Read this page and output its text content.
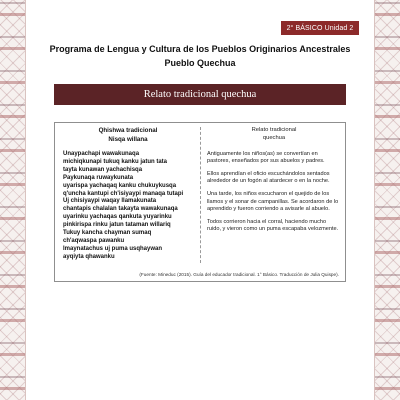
2° BÁSICO Unidad 2
Programa de Lengua y Cultura de los Pueblos Originarios Ancestrales
Pueblo Quechua
Relato tradicional quechua
Qhishwa tradicional
Nisqa willana
Unaypachapi wawakunaqa
michiqkunapi tukuq kanku jatun tata
tayta kunawan yachachisqa
Paykunaqa ruwaykunata
uyarispa yachaqaq kanku chukuykusqa
q'uncha kantupi ch'isiyaypi manaqa tutapi
Uj chisiyaypi waqay llamakunata
chantapis chalalan takayta wawakunaqa
uyarinku yachaqas qankuta yuyarinku
pinkirispa rinku jatun tataman willariq
Tukuy kancha chayman sumaq
ch'aqwaspa pawanku
Imaynatachus uj puma usqhaywan
ayqiyta qhawanku
Relato tradicional
quechua

Antiguamente los niños(as) se convertían en pastores, enseñados por sus abuelos y padres.

Ellos aprendían el oficio escuchándolos sentados alrededor de un fogón al atardecer o en la noche.

Una tarde, los niños escucharon el quejido de los llamos y el sonar de campanillas. Se acordaron de lo aprendido y fueron corriendo a avisarle al abuelo.

Todos corrieron hacia el corral, haciendo mucho ruido, y vieron como un puma escapaba velozmente.

(Fuente: Mineduc (2015). Guía del educador tradicional. 1° Básico. Traducción de Julia Quispe).
